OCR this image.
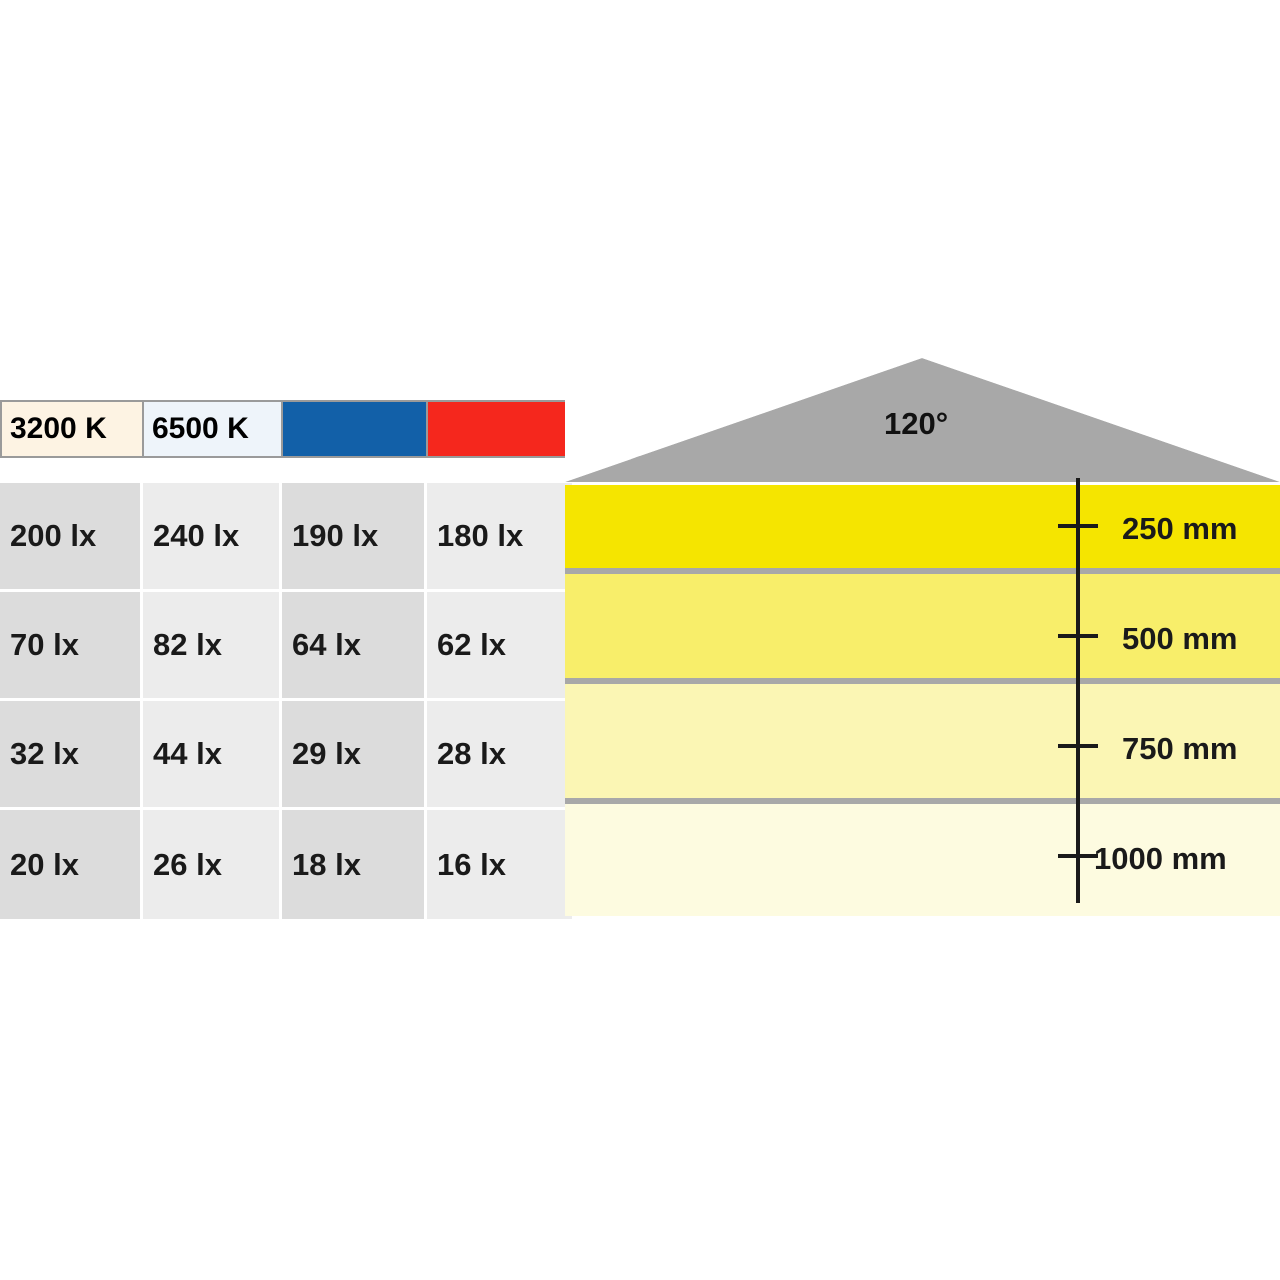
3200 K 6500 K
200 lx	240 lx	190 lx	180 lx
70 lx	82 lx	64 lx	62 lx
32 lx	44 lx	29 lx	28 lx
20 lx	26 lx	18 lx	16 lx
120°
250 mm
500 mm
750 mm
1000 mm
